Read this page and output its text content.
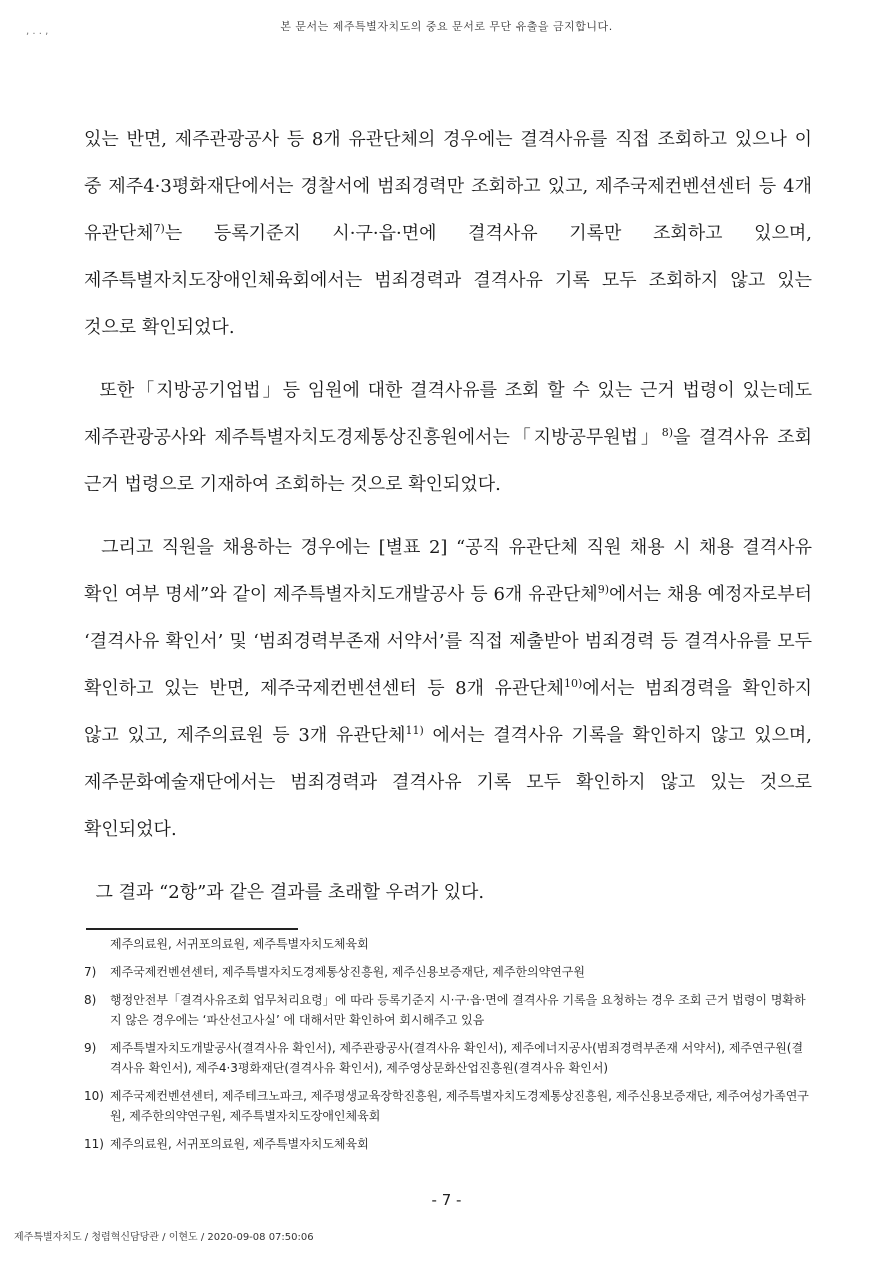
본 문서는 제주특별자치도의 중요 문서로 무단 유출을 금지합니다.
, . . ,

있는 반면, 제주관광공사 등 8개 유관단체의 경우에는 결격사유를 직접 조회하고 있으나 이 중 제주4·3평화재단에서는 경찰서에 범죄경력만 조회하고 있고, 제주국제컨벤션센터 등 4개 유관단체$^{7)}$는 등록기준지 시·구·읍·면에 결격사유 기록만 조회하고 있으며, 제주특별자치도장애인체육회에서는 범죄경력과 결격사유 기록 모두 조회하지 않고 있는 것으로 확인되었다.

또한「지방공기업법」등 임원에 대한 결격사유를 조회 할 수 있는 근거 법령이 있는데도 제주관광공사와 제주특별자치도경제통상진흥원에서는「지방공무원법」$^{8)}$을 결격사유 조회 근거 법령으로 기재하여 조회하는 것으로 확인되었다.

그리고 직원을 채용하는 경우에는 [별표 2] “공직 유관단체 직원 채용 시 채용 결격사유 확인 여부 명세”와 같이 제주특별자치도개발공사 등 6개 유관단체$^{9)}$에서는 채용 예정자로부터 ‘결격사유 확인서’ 및 ‘범죄경력부존재 서약서’를 직접 제출받아 범죄경력 등 결격사유를 모두 확인하고 있는 반면, 제주국제컨벤션센터 등 8개 유관단체$^{10)}$에서는 범죄경력을 확인하지 않고 있고, 제주의료원 등 3개 유관단체$^{11)}$ 에서는 결격사유 기록을 확인하지 않고 있으며, 제주문화예술재단에서는 범죄경력과 결격사유 기록 모두 확인하지 않고 있는 것으로 확인되었다.

그 결과 “2항”과 같은 결과를 초래할 우려가 있다.

제주의료원, 서귀포의료원, 제주특별자치도체육회
7)	제주국제컨벤션센터, 제주특별자치도경제통상진흥원, 제주신용보증재단, 제주한의약연구원
8)	행정안전부「결격사유조회 업무처리요령」에 따라 등록기준지 시·구·읍·면에 결격사유 기록을 요청하는 경우 조회 근거 법령이 명확하지 않은 경우에는 ‘파산선고사실’ 에 대해서만 확인하여 회시해주고 있음
9)	제주특별자치도개발공사(결격사유 확인서), 제주관광공사(결격사유 확인서), 제주에너지공사(범죄경력부존재 서약서), 제주연구원(결격사유 확인서), 제주4·3평화재단(결격사유 확인서), 제주영상문화산업진흥원(결격사유 확인서)
10) 제주국제컨벤션센터, 제주테크노파크, 제주평생교육장학진흥원, 제주특별자치도경제통상진흥원, 제주신용보증재단, 제주여성가족연구원, 제주한의약연구원, 제주특별자치도장애인체육회
11) 제주의료원, 서귀포의료원, 제주특별자치도체육회
- 7 -
제주특별자치도 / 청렴혁신담당관 / 이현도 / 2020-09-08 07:50:06
